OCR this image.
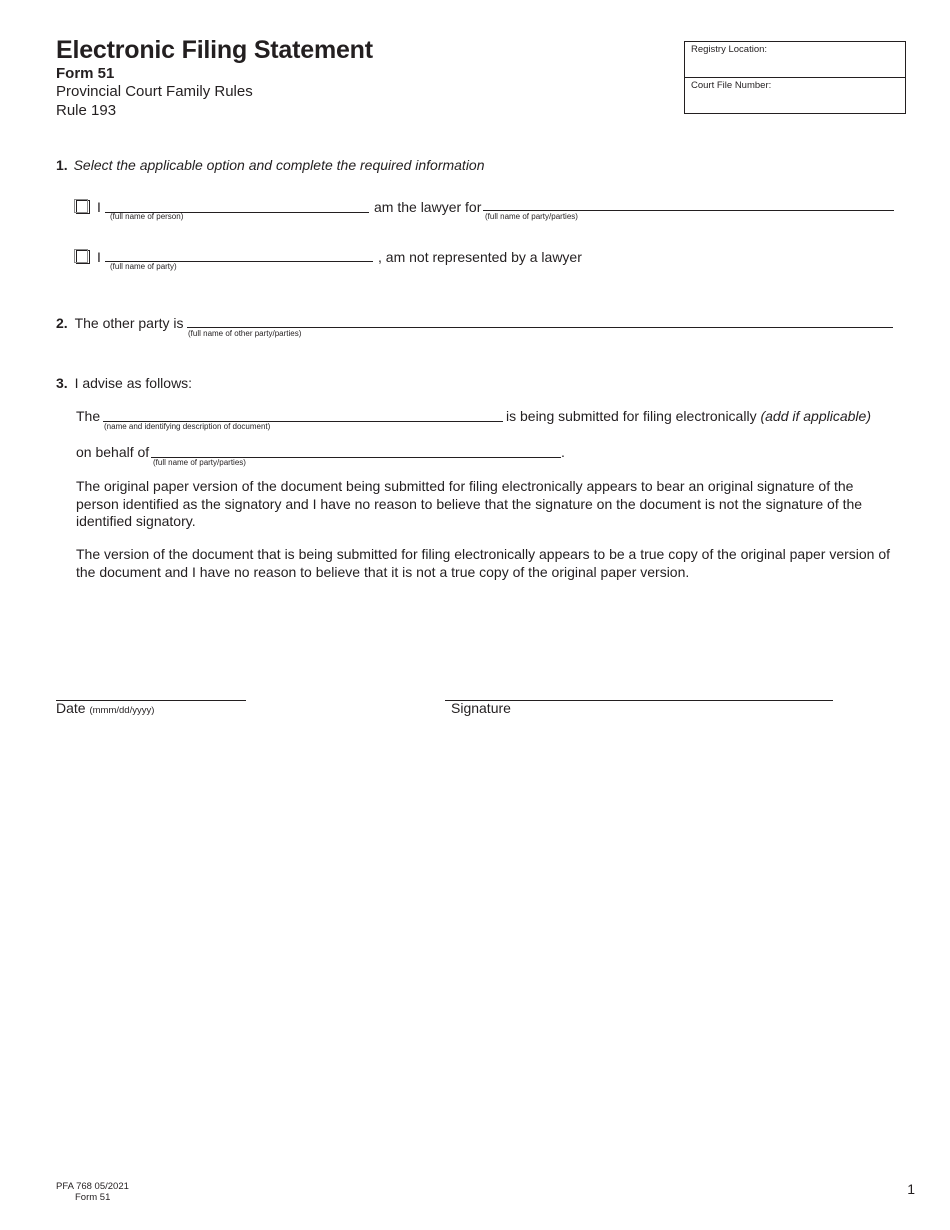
Electronic Filing Statement
Form 51
Provincial Court Family Rules
Rule 193
Registry Location:
Court File Number:
1. Select the applicable option and complete the required information
I
(full name of person)
am the lawyer for
(full name of party/parties)
I
(full name of party)
, am not represented by a lawyer
2. The other party is
(full name of other party/parties)
3. I advise as follows:
The
(name and identifying description of document)
is being submitted for filing electronically (add if applicable)
on behalf of
(full name of party/parties)
.
The original paper version of the document being submitted for filing electronically appears to bear an original signature of the person identified as the signatory and I have no reason to believe that the signature on the document is not the signature of the identified signatory.
The version of the document that is being submitted for filing electronically appears to be a true copy of the original paper version of the document and I have no reason to believe that it is not a true copy of the original paper version.
Date (mmm/dd/yyyy)	Signature
PFA 768 05/2021
Form 51
1
